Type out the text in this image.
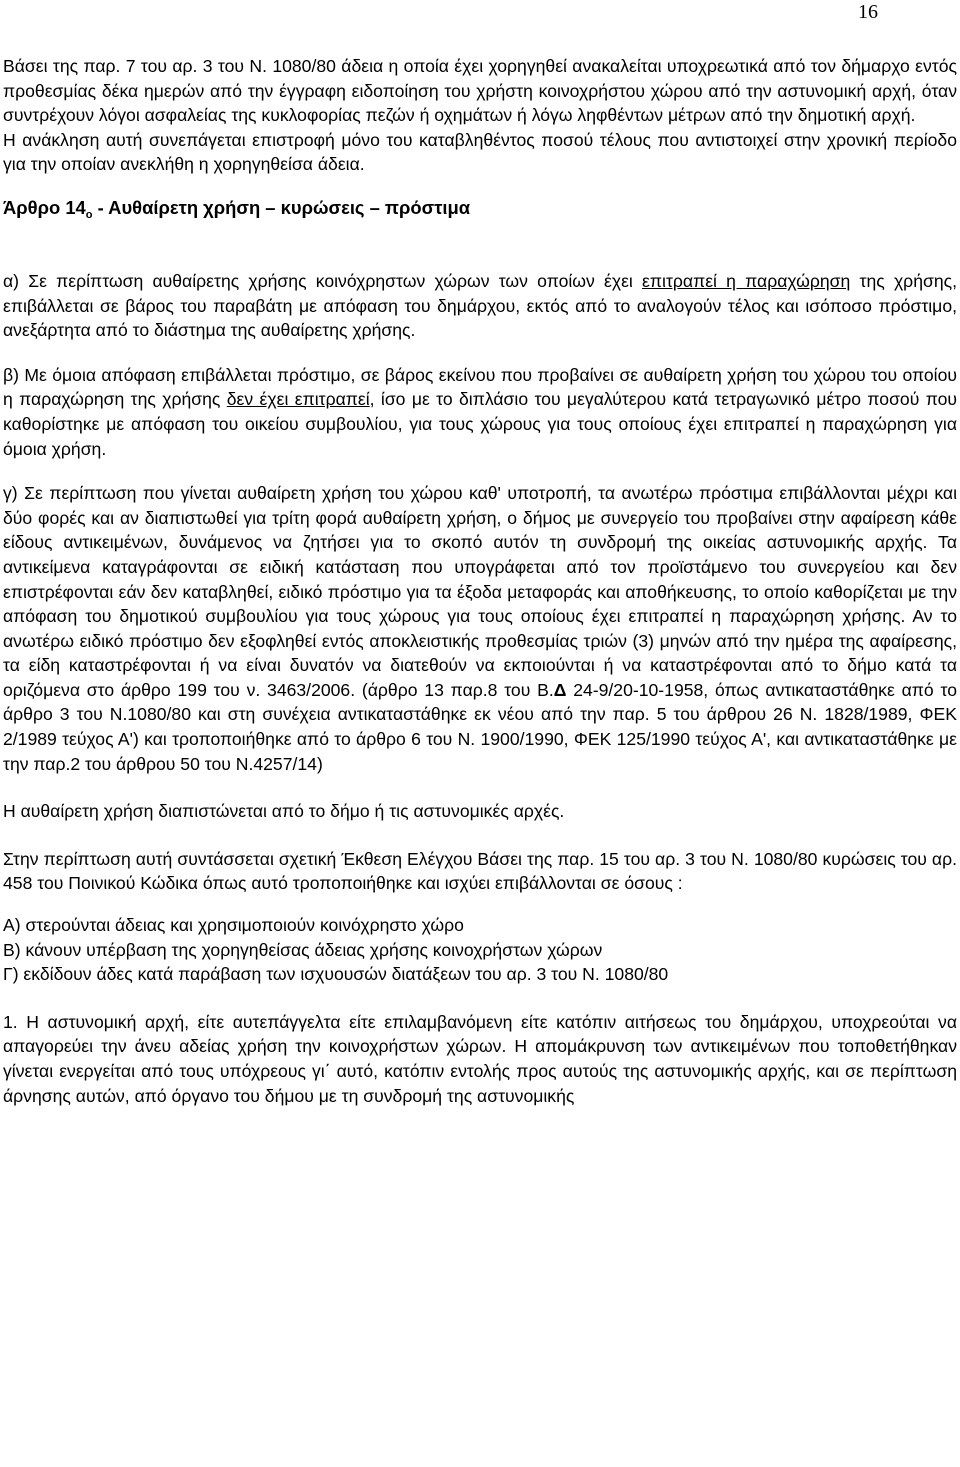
16

Βάσει της παρ. 7 του αρ. 3 του Ν. 1080/80 άδεια η οποία έχει χορηγηθεί ανακαλείται υποχρεωτικά από τον δήμαρχο εντός προθεσμίας δέκα ημερών από την έγγραφη ειδοποίηση του χρήστη κοινοχρήστου χώρου από την αστυνομική αρχή, όταν συντρέχουν λόγοι ασφαλείας της κυκλοφορίας πεζών ή οχημάτων ή λόγω ληφθέντων μέτρων από την δημοτική αρχή.

Η ανάκληση αυτή συνεπάγεται επιστροφή μόνο του καταβληθέντος ποσού τέλους που αντιστοιχεί στην χρονική περίοδο για την οποίαν ανεκλήθη η χορηγηθείσα άδεια.

Άρθρο $14_o$ - Αυθαίρετη χρήση – κυρώσεις – πρόστιμα

α) Σε περίπτωση αυθαίρετης χρήσης κοινόχρηστων χώρων των οποίων έχει επιτραπεί η παραχώρηση της χρήσης, επιβάλλεται σε βάρος του παραβάτη με απόφαση του δημάρχου, εκτός από το αναλογούν τέλος και ισόποσο πρόστιμο, ανεξάρτητα από το διάστημα της αυθαίρετης χρήσης.

β) Με όμοια απόφαση επιβάλλεται πρόστιμο, σε βάρος εκείνου που προβαίνει σε αυθαίρετη χρήση του χώρου του οποίου η παραχώρηση της χρήσης δεν έχει επιτραπεί, ίσο με το διπλάσιο του μεγαλύτερου κατά τετραγωνικό μέτρο ποσού που καθορίστηκε με απόφαση του οικείου συμβουλίου, για τους χώρους για τους οποίους έχει επιτραπεί η παραχώρηση για όμοια χρήση.

γ) Σε περίπτωση που γίνεται αυθαίρετη χρήση του χώρου καθ' υποτροπή, τα ανωτέρω πρόστιμα επιβάλλονται μέχρι και δύο φορές και αν διαπιστωθεί για τρίτη φορά αυθαίρετη χρήση, ο δήμος με συνεργείο του προβαίνει στην αφαίρεση κάθε είδους αντικειμένων, δυνάμενος να ζητήσει για το σκοπό αυτόν τη συνδρομή της οικείας αστυνομικής αρχής. Τα αντικείμενα καταγράφονται σε ειδική κατάσταση που υπογράφεται από τον προϊστάμενο του συνεργείου και δεν επιστρέφονται εάν δεν καταβληθεί, ειδικό πρόστιμο για τα έξοδα μεταφοράς και αποθήκευσης, το οποίο καθορίζεται με την απόφαση του δημοτικού συμβουλίου για τους χώρους για τους οποίους έχει επιτραπεί η παραχώρηση χρήσης. Αν το ανωτέρω ειδικό πρόστιμο δεν εξοφληθεί εντός αποκλειστικής προθεσμίας τριών (3) μηνών από την ημέρα της αφαίρεσης, τα είδη καταστρέφονται ή να είναι δυνατόν να διατεθούν να εκποιούνται ή να καταστρέφονται από το δήμο κατά τα οριζόμενα στο άρθρο 199 του ν. 3463/2006. (άρθρο 13 παρ.8 του Β.Δ 24-9/20-10-1958, όπως αντικαταστάθηκε από το άρθρο 3 του Ν.1080/80 και στη συνέχεια αντικαταστάθηκε εκ νέου από την παρ. 5 του άρθρου 26 Ν. 1828/1989, ΦΕΚ 2/1989 τεύχος Α') και τροποποιήθηκε από το άρθρο 6 του Ν. 1900/1990, ΦΕΚ 125/1990 τεύχος Α', και αντικαταστάθηκε με την παρ.2 του άρθρου 50 του Ν.4257/14)

Η αυθαίρετη χρήση διαπιστώνεται από το δήμο ή τις αστυνομικές αρχές.

Στην περίπτωση αυτή συντάσσεται σχετική Έκθεση Ελέγχου Βάσει της παρ. 15 του αρ. 3 του Ν. 1080/80 κυρώσεις του αρ. 458 του Ποινικού Κώδικα όπως αυτό τροποποιήθηκε και ισχύει επιβάλλονται σε όσους :

Α) στερούνται άδειας και χρησιμοποιούν κοινόχρηστο χώρο

Β) κάνουν υπέρβαση της χορηγηθείσας άδειας χρήσης κοινοχρήστων χώρων

Γ) εκδίδουν άδες κατά παράβαση των ισχυουσών διατάξεων του αρ. 3 του Ν. 1080/80

1. Η αστυνομική αρχή, είτε αυτεπάγγελτα είτε επιλαμβανόμενη είτε κατόπιν αιτήσεως του δημάρχου, υποχρεούται να απαγορεύει την άνευ αδείας χρήση την κοινοχρήστων χώρων. Η απομάκρυνση των αντικειμένων που τοποθετήθηκαν γίνεται ενεργείται από τους υπόχρεους γι΄ αυτό, κατόπιν εντολής προς αυτούς της αστυνομικής αρχής, και σε περίπτωση άρνησης αυτών, από όργανο του δήμου με τη συνδρομή της αστυνομικής
